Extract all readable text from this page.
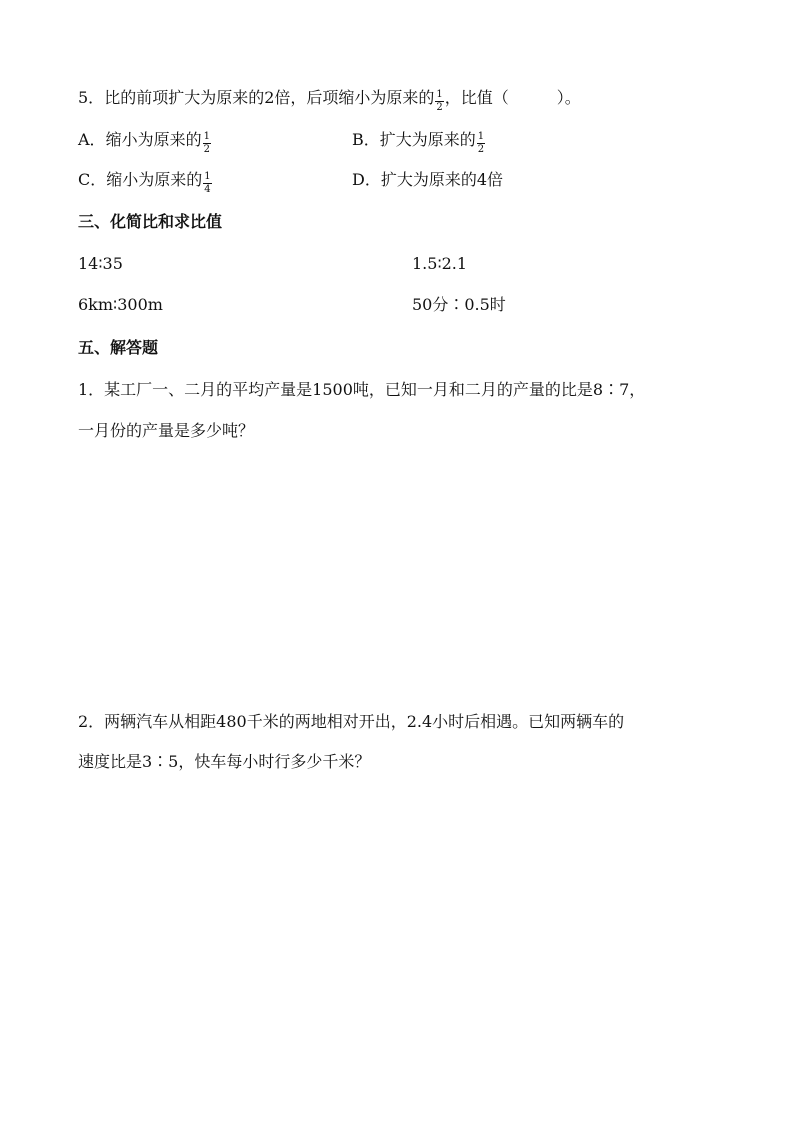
5．比的前项扩大为原来的2倍，后项缩小为原来的 $\frac{1}{2}$ ，比值（	）。
A．缩小为原来的 $\frac{1}{2}$	B．扩大为原来的 $\frac{1}{2}$
C．缩小为原来的 $\frac{1}{4}$	D．扩大为原来的4倍
三、化简比和求比值
14∶35	1.5∶2.1
6km∶300m	50分∶0.5时
五、解答题
1．某工厂一、二月的平均产量是1500吨，已知一月和二月的产量的比是8∶7，
一月份的产量是多少吨？
2．两辆汽车从相距480千米的两地相对开出，2.4小时后相遇。已知两辆车的
速度比是3∶5，快车每小时行多少千米？
